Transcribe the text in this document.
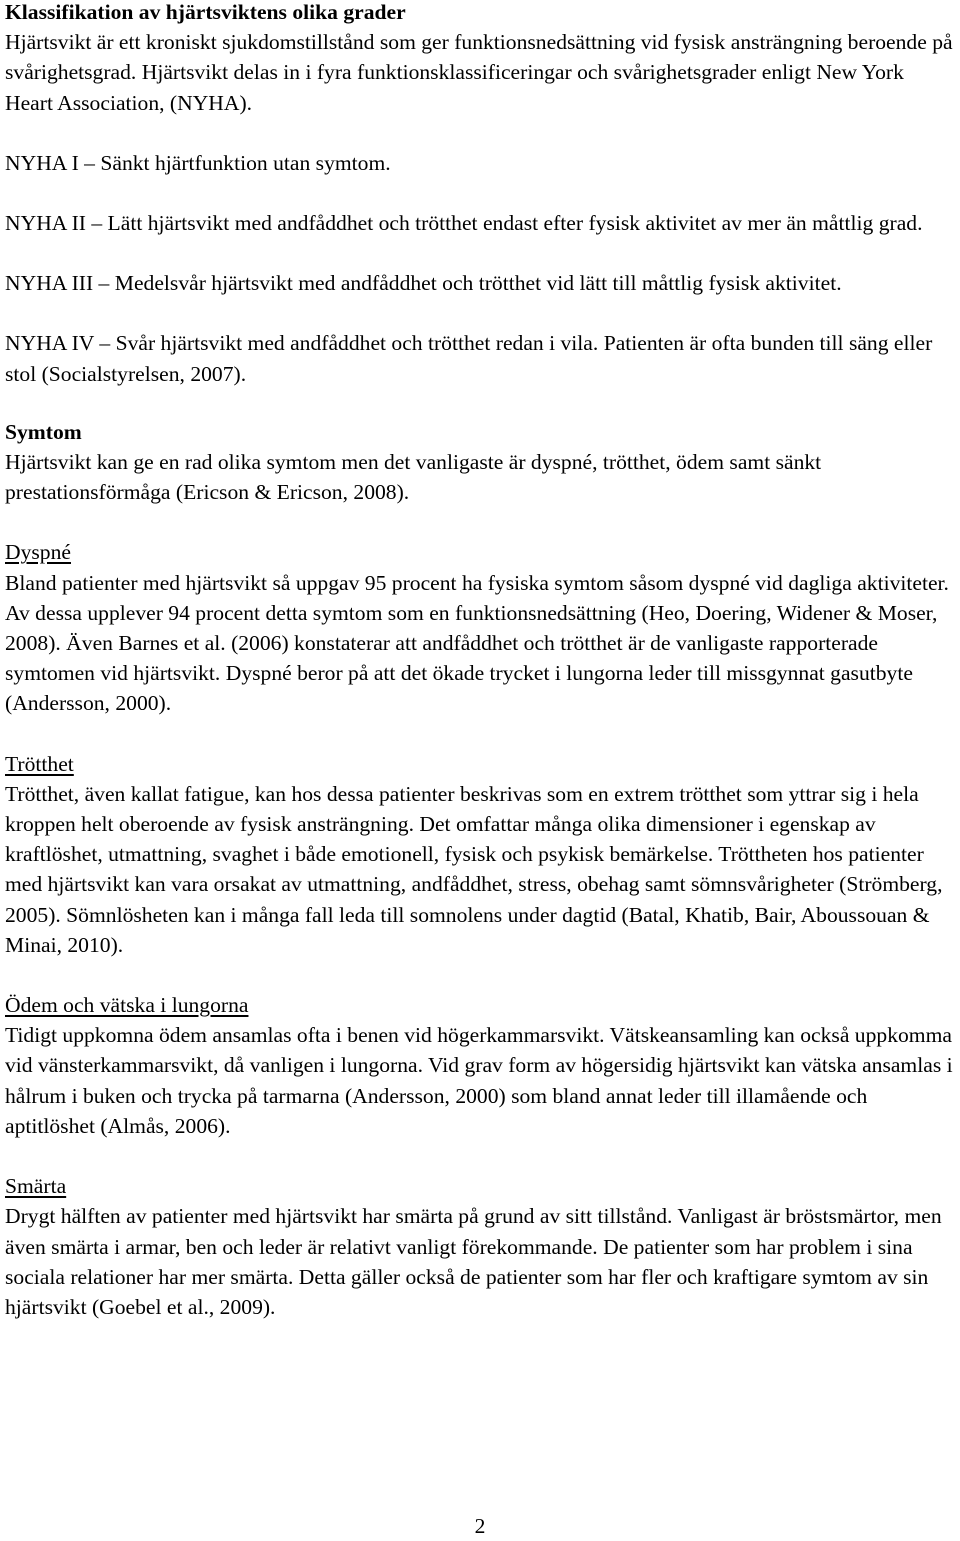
Klassifikation av hjärtsviktens olika grader

Hjärtsvikt är ett kroniskt sjukdomstillstånd som ger funktionsnedsättning vid fysisk ansträngning beroende på svårighetsgrad. Hjärtsvikt delas in i fyra funktionsklassificeringar och svårighetsgrader enligt New York Heart Association, (NYHA).

NYHA I – Sänkt hjärtfunktion utan symtom.

NYHA II – Lätt hjärtsvikt med andfåddhet och trötthet endast efter fysisk aktivitet av mer än måttlig grad.

NYHA III – Medelsvår hjärtsvikt med andfåddhet och trötthet vid lätt till måttlig fysisk aktivitet.

NYHA IV – Svår hjärtsvikt med andfåddhet och trötthet redan i vila. Patienten är ofta bunden till säng eller stol (Socialstyrelsen, 2007).

Symtom

Hjärtsvikt kan ge en rad olika symtom men det vanligaste är dyspné, trötthet, ödem samt sänkt prestationsförmåga (Ericson & Ericson, 2008).

Dyspné

Bland patienter med hjärtsvikt så uppgav 95 procent ha fysiska symtom såsom dyspné vid dagliga aktiviteter. Av dessa upplever 94 procent detta symtom som en funktionsnedsättning (Heo, Doering, Widener & Moser, 2008). Även Barnes et al. (2006) konstaterar att andfåddhet och trötthet är de vanligaste rapporterade symtomen vid hjärtsvikt. Dyspné beror på att det ökade trycket i lungorna leder till missgynnat gasutbyte (Andersson, 2000).

Trötthet

Trötthet, även kallat fatigue, kan hos dessa patienter beskrivas som en extrem trötthet som yttrar sig i hela kroppen helt oberoende av fysisk ansträngning. Det omfattar många olika dimensioner i egenskap av kraftlöshet, utmattning, svaghet i både emotionell, fysisk och psykisk bemärkelse. Tröttheten hos patienter med hjärtsvikt kan vara orsakat av utmattning, andfåddhet, stress, obehag samt sömnsvårigheter (Strömberg, 2005). Sömnlösheten kan i många fall leda till somnolens under dagtid (Batal, Khatib, Bair, Aboussouan & Minai, 2010).

Ödem och vätska i lungorna

Tidigt uppkomna ödem ansamlas ofta i benen vid högerkammarsvikt. Vätskeansamling kan också uppkomma vid vänsterkammarsvikt, då vanligen i lungorna. Vid grav form av högersidig hjärtsvikt kan vätska ansamlas i hålrum i buken och trycka på tarmarna (Andersson, 2000) som bland annat leder till illamående och aptitlöshet (Almås, 2006).

Smärta

Drygt hälften av patienter med hjärtsvikt har smärta på grund av sitt tillstånd. Vanligast är bröstsmärtor, men även smärta i armar, ben och leder är relativt vanligt förekommande. De patienter som har problem i sina sociala relationer har mer smärta. Detta gäller också de patienter som har fler och kraftigare symtom av sin hjärtsvikt (Goebel et al., 2009).

2
